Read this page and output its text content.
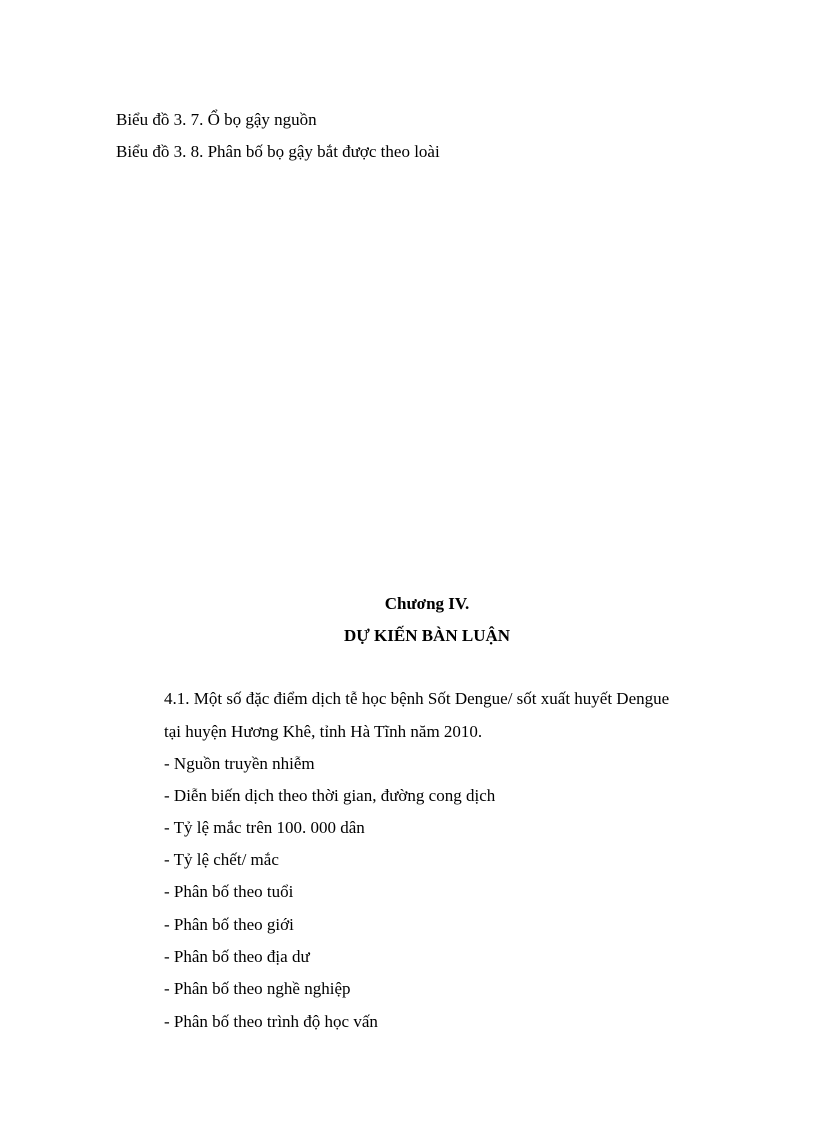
Biểu đồ 3. 7. Ổ bọ gậy nguồn
Biểu đồ 3. 8. Phân bố bọ gậy bắt được theo loài
Chương IV.
DỰ KIẾN BÀN LUẬN
4.1. Một số đặc điểm dịch tễ học bệnh Sốt Dengue/ sốt xuất huyết Dengue
tại huyện Hương Khê, tỉnh Hà Tĩnh năm 2010.
- Nguồn truyền nhiễm
- Diễn biến dịch theo thời gian, đường cong dịch
- Tỷ lệ mắc trên 100. 000 dân
- Tỷ lệ chết/ mắc
- Phân bố theo tuổi
- Phân bố theo giới
- Phân bố theo địa dư
- Phân bố theo nghề nghiệp
- Phân bố theo trình độ học vấn
